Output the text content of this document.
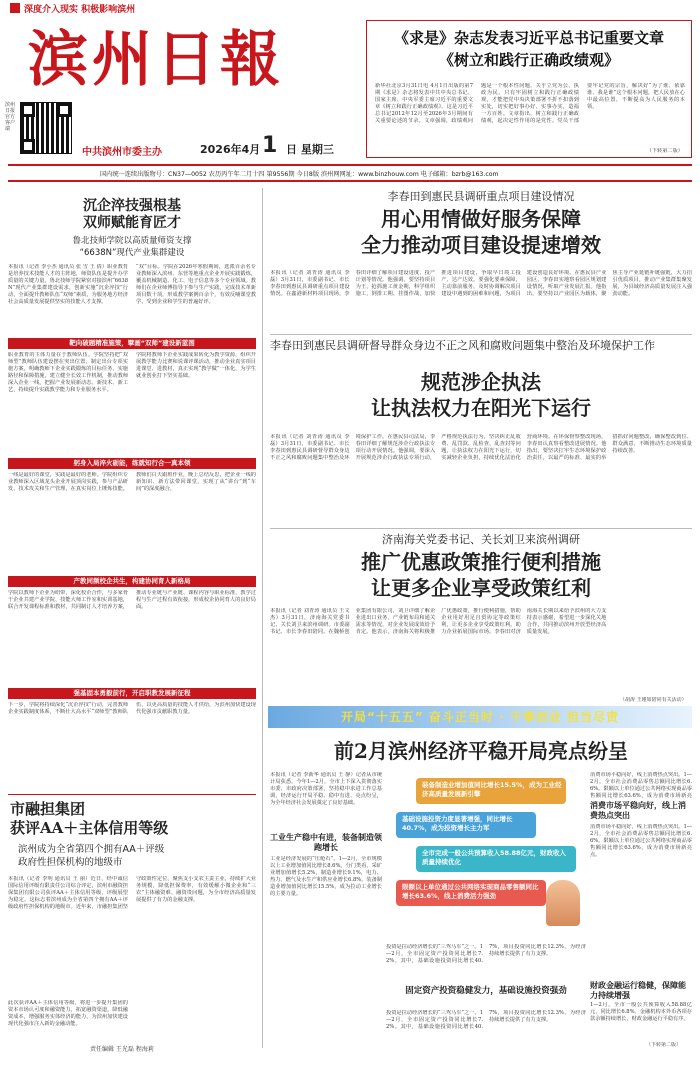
深度介入现实 积极影响滨州
滨州日報
滨州日报官方客户端
中共滨州市委主办	2026年4月 1 日 星期三
国内统一连续出版物号：CN37—0052 农历丙午年二月十四 第9556期 今日8版 滨州网网址：www.binzhouw.com 电子邮箱：bzrb@163.com
《求是》杂志发表习近平总书记重要文章
《树立和践行正确政绩观》
新华社北京3月31日电 4月1日出版的第7期《求是》杂志将发表中共中央总书记、国家主席、中央军委主席习近平的重要文章《树立和践行正确政绩观》。这是习近平总书记2012年12月至2026年3月期间有关重要论述的节录。文章强调，政绩观问题是一个根本性问题，关乎立党为公、执政为民。只有牢固树立和践行正确政绩观，才能把党中央决策部署不折不扣落到实处，切实把好事办好、实事办实，造福一方百姓。文章指出，树立和践行正确政绩观，起决定性作用的是党性。党员干部要牢记党的宗旨，解决好“为了谁、依靠谁、我是谁”这个根本问题，把人民放在心中最高位置，不断提高为人民服务的本领。
（下转第二版）
沉企淬技强根基
双师赋能育匠才
鲁北技师学院以高质量师资支撑
“6638N”现代产业集群建设
本报讯（记者 李小杰 通讯员 张 雪 王 倩）职业教育是培养技术技能人才的主阵地，师资队伍是提升办学质量的关键力量。鲁北技师学院紧密对接滨州“6638N”现代产业集群建设需求，创新实施“沉企淬技”行动，全面提升教师队伍“双师”素质，为服务地方经济社会高质量发展提供坚实的技能人才支撑。
“双”目标。学院在2026年寒假期间，选派百余名专业教师深入滨州、东营等地重点企业开展实践锻炼，覆盖机械制造、化工、电子信息等多个专业领域。教师们在企业师傅指导下参与生产实践，完成技术革新项目数十项，形成教学案例百余个，有效反哺课堂教学，受到企业和学生的普遍好评。
靶向破题精准施策，擘画“双师”建设新蓝图
职业教育的主体力量在于教师队伍。学院坚持把“双师型”教师队伍建设摆在突出位置，制定出台专项实施方案，明确教师下企业实践锻炼的目标任务、实施路径和保障措施，建立健全长效工作机制，推动教师深入企业一线，把握产业发展新动态、新技术、新工艺，持续提升实践教学能力和专业服务水平。
学院将教师下企业实践成果转化为教学资源，组织开展教学能力比赛和说课评课活动，推动企业真实项目进课堂、进教材，真正实现“教学做”一体化，为学生就业创业打下坚实基础。
躬身入局淬火砺能，练就知行合一真本领
一线是最好的课堂，实践是最好的老师。学院组织专业教师深入区域龙头企业开展顶岗实践，参与产品研发、技术攻关和生产管理，在真实岗位上锤炼技能。教师们白天跟班作业，晚上总结反思，把企业一线的新知识、新方法带回课堂，实现了从“讲台”到“车间”的深度融合。
产教同频校企共生，构建协同育人新格局
学院以教师下企业为纽带，深化校企合作，与多家骨干企业共建产业学院、技能大师工作室和实训基地，联合开发课程标准和教材，共同制订人才培养方案，推动专业链与产业链、课程内容与职业标准、教学过程与生产过程有效衔接，形成校企协同育人的良好局面。
强基固本勇毅前行，开启职教发展新征程
下一步，学院将持续深化“沉企淬技”行动，完善教师企业实践制度体系，不断壮大高水平“双师型”教师队伍，以更高质量的技能人才供给，为滨州加快建设现代化强市贡献职教力量。
市融担集团
获评AA＋主体信用等级
滨州成为全省第四个拥有AA＋评级
政府性担保机构的地级市
本报讯（记者 李明 通讯员 王 丽）近日，经中诚信国际信用评级有限责任公司综合评定，滨州市融资担保集团有限公司获评AA＋主体信用等级，评级展望为稳定。这标志着滨州成为全省第四个拥有AA＋评级政府性担保机构的地级市。近年来，市融担集团坚守政策性定位，聚焦支小支农主责主业，持续扩大业务规模，降低担保费率，有效缓解小微企业和“三农”主体融资难、融资贵问题，为全市经济高质量发展提供了有力的金融支撑。
此次获评AA＋主体信用等级，将进一步提升集团的资本市场认可度和融资能力，拓宽融资渠道，降低融资成本，增强服务实体经济的能力，为滨州加快建设现代化强市注入新的金融动能。
责任编辑 王光磊 程海莉
李春田到惠民县调研重点项目建设情况
用心用情做好服务保障
全力推动项目建设提速增效
本报讯（记者 刘青涛 通讯员 李 磊）3月31日，市委副书记、市长李春田到惠民县调研重点项目建设情况。在鑫港新材料项目现场，李春田详细了解项目建设进度、投产计划等情况。他强调，要坚持项目为王，抢抓施工黄金期，科学组织施工，倒排工期、挂图作战，加快推进项目建设，争取早日竣工投产、达产达效。要强化要素保障，主动靠前服务，及时协调解决项目建设中遇到的困难和问题，为项目建设创造良好环境。在惠民县产业园区，李春田实地察看园区规划建设情况，听取产业发展汇报。他指出，要坚持以产业园区为载体，聚焦主导产业延链补链强链，大力招引优质项目，推动产业集群集聚发展，为县域经济高质量发展注入强劲动能。
李春田到惠民县调研督导群众身边不正之风和腐败问题集中整治及环境保护工作
规范涉企执法
让执法权力在阳光下运行
本报讯（记者 刘青涛 通讯员 李 磊）3月31日，市委副书记、市长李春田到惠民县调研督导群众身边不正之风和腐败问题集中整治及环境保护工作。在惠民县司法局，李春田详细了解规范涉企行政执法专项行动开展情况。他强调，要深入开展规范涉企行政执法专项行动，严格规范执法行为，坚决纠正乱收费、乱罚款、乱检查、乱查封等问题，让执法权力在阳光下运行，切实减轻企业负担，持续优化法治化营商环境。在环保督察整改现场，李春田认真察看整改进展情况。他指出，要坚决扛牢生态环境保护政治责任，以最严的标准、最实的举措抓好问题整改，确保整改到位、群众满意，不断推动生态环境质量持续改善。
济南海关党委书记、关长刘卫来滨州调研
推广优惠政策推行便利措施
让更多企业享受政策红利
本报讯（记者 刘青涛 通讯员 王文杰）3月31日，济南海关党委书记、关长刘卫来滨州调研。市委副书记、市长李春田陪同。在魏桥创业集团有限公司，刘卫详细了解企业进出口业务、产业链布局和通关需求等情况，对企业发展成效给予肯定。他表示，济南海关将积极推广优惠政策，推行便利措施，帮助企业用好用足自贸协定等政策红利，让更多企业享受政策红利，助力企业拓展国际市场。李春田对济南海关长期以来给予滨州的大力支持表示感谢，希望进一步深化关地合作，共同推动滨州开放型经济高质量发展。
（胡涛 王瑾如陪同有关活动）
开局“十五五” 奋斗正当时 · 干事创业 担当尽责
前2月滨州经济平稳开局亮点纷呈
本报讯（记者 李新华 通讯员 王 静）记者从市统计局获悉，今年1—2月，全市上下深入贯彻落实市委、市政府决策部署，坚持稳中求进工作总基调，经济运行开局平稳、稳中有进、亮点纷呈，为全年经济社会发展奠定了良好基础。
工业生产稳中有进，装备制造领跑增长
工业是经济发展的“压舱石”。1—2月，全市规模以上工业增加值同比增长8.6%。分门类看，采矿业增加值增长5.2%，制造业增长9.1%，电力、热力、燃气及水生产和供应业增长6.8%。装备制造业增加值同比增长15.5%，成为拉动工业增长的主要力量。
装备制造业增加值同比增长15.5%，成为工业经济高质量发展新引擎
基础设施投资力度显著增强，同比增长40.7%，成为投资增长主力军
全市完成一般公共预算收入58.88亿元，财政收入质量持续优化
限额以上单位通过公共网络实现商品零售额同比增长63.6%，线上消费活力强劲
投资是拉动经济增长的“三驾马车”之一。1—2月，全市固定资产投资同比增长7.2%。其中，基础设施投资同比增长40.7%，项目投资同比增长12.3%，为经济持续增长提供了有力支撑。
固定资产投资稳健发力，基础设施投资强劲
投资是拉动经济增长的“三驾马车”之一。1—2月，全市固定资产投资同比增长7.2%。其中，基础设施投资同比增长40.7%，项目投资同比增长12.3%，为经济持续增长提供了有力支撑。
消费市场平稳向好，线上消费热点突出
消费市场平稳向好，线上消费热点突出。1—2月，全市社会消费品零售总额同比增长6.6%。限额以上单位通过公共网络实现商品零售额同比增长63.6%，成为消费市场新亮
消费市场平稳向好，线上消费热点突出。1—2月，全市社会消费品零售总额同比增长6.6%。限额以上单位通过公共网络实现商品零售额同比增长63.6%，成为消费市场新亮点。
财政金融运行稳健，保障能力持续增强
1—2月，全市一般公共预算收入58.88亿元，同比增长6.8%。金融机构本外币各项存款余额持续增长，财政金融运行平稳有序。
（下转第二版）
